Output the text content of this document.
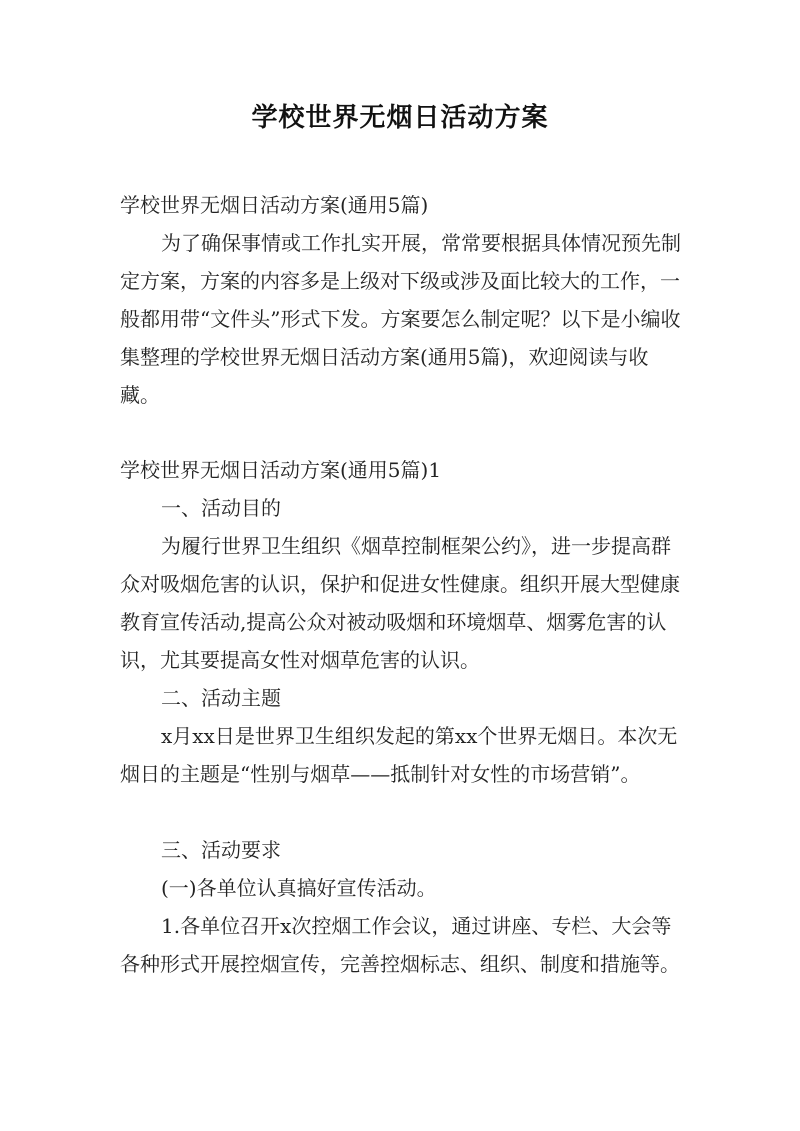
学校世界无烟日活动方案

学校世界无烟日活动方案(通用5篇)

为了确保事情或工作扎实开展，常常要根据具体情况预先制定方案，方案的内容多是上级对下级或涉及面比较大的工作，一般都用带“文件头”形式下发。方案要怎么制定呢？以下是小编收集整理的学校世界无烟日活动方案(通用5篇)，欢迎阅读与收藏。

学校世界无烟日活动方案(通用5篇)1

一、活动目的

为履行世界卫生组织《烟草控制框架公约》，进一步提高群众对吸烟危害的认识，保护和促进女性健康。组织开展大型健康教育宣传活动,提高公众对被动吸烟和环境烟草、烟雾危害的认识，尤其要提高女性对烟草危害的认识。

二、活动主题

x月xx日是世界卫生组织发起的第xx个世界无烟日。本次无烟日的主题是“性别与烟草——抵制针对女性的市场营销”。

三、活动要求

(一)各单位认真搞好宣传活动。

1.各单位召开x次控烟工作会议，通过讲座、专栏、大会等各种形式开展控烟宣传，完善控烟标志、组织、制度和措施等。
